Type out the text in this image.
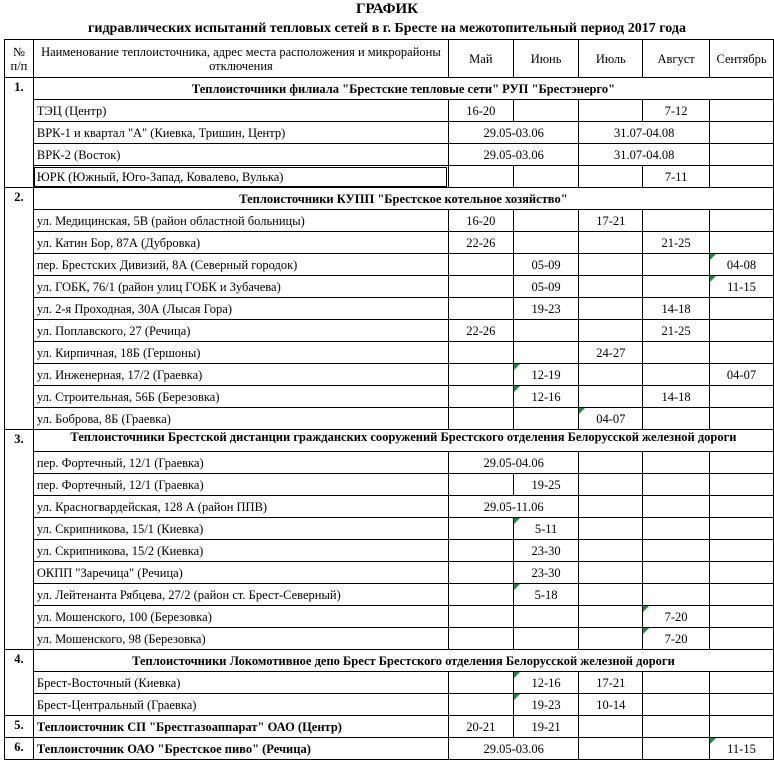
ГРАФИК
гидравлических испытаний тепловых сетей в г. Бресте на межотопительный период 2017 года
№ п/п	Наименование теплоисточника, адрес места расположения и микрорайоны отключения	Май	Июнь	Июль	Август	Сентябрь
1.	Теплоисточники филиала "Брестские тепловые сети" РУП "Брестэнерго"					
	ТЭЦ (Центр)	16-20			7-12	
	ВРК-1 и квартал "А" (Киевка, Тришин, Центр)	29.05-03.06		31.07-04.08		
	ВРК-2 (Восток)	29.05-03.06		31.07-04.08		
	ЮРК (Южный, Юго-Запад, Ковалево, Вулька)				7-11	
2.	Теплоисточники КУПП "Брестское котельное хозяйство"					
	ул. Медицинская, 5В (район областной больницы)	16-20		17-21		
	ул. Катин Бор, 87А (Дубровка)	22-26			21-25	
	пер. Брестских Дивизий, 8А (Северный городок)		05-09			04-08
	ул. ГОБК, 76/1 (район улиц ГОБК и Зубачева)		05-09			11-15
	ул. 2-я Проходная, 30А (Лысая Гора)		19-23		14-18	
	ул. Поплавского, 27 (Речица)	22-26			21-25	
	ул. Кирпичная, 18Б (Гершоны)			24-27		
	ул. Инженерная, 17/2 (Граевка)		12-19			04-07
	ул. Строительная, 56Б (Березовка)		12-16		14-18	
	ул. Боброва, 8Б (Граевка)			04-07		
3.	Теплоисточники Брестской дистанции гражданских сооружений Брестского отделения Белорусской железной дороги					
	пер. Фортечный, 12/1 (Граевка)	29.05-04.06				
	пер. Фортечный, 12/1 (Граевка)		19-25			
	ул. Красногвардейская, 128 А (район ППВ)	29.05-11.06				
	ул. Скрипникова, 15/1 (Киевка)		5-11			
	ул. Скрипникова, 15/2 (Киевка)		23-30			
	ОКПП "Заречица" (Речица)		23-30			
	ул. Лейтенанта Рябцева, 27/2 (район ст. Брест-Северный)		5-18			
	ул. Мошенского, 100 (Березовка)				7-20	
	ул. Мошенского, 98 (Березовка)				7-20	
4.	Теплоисточники Локомотивное депо Брест Брестского отделения Белорусской железной дороги					
	Брест-Восточный (Киевка)		12-16	17-21		
	Брест-Центральный (Граевка)		19-23	10-14		
5.	Теплоисточник СП "Брестгазоаппарат" ОАО (Центр)	20-21	19-21			
6.	Теплоисточник ОАО "Брестское пиво" (Речица)	29.05-03.06				11-15
